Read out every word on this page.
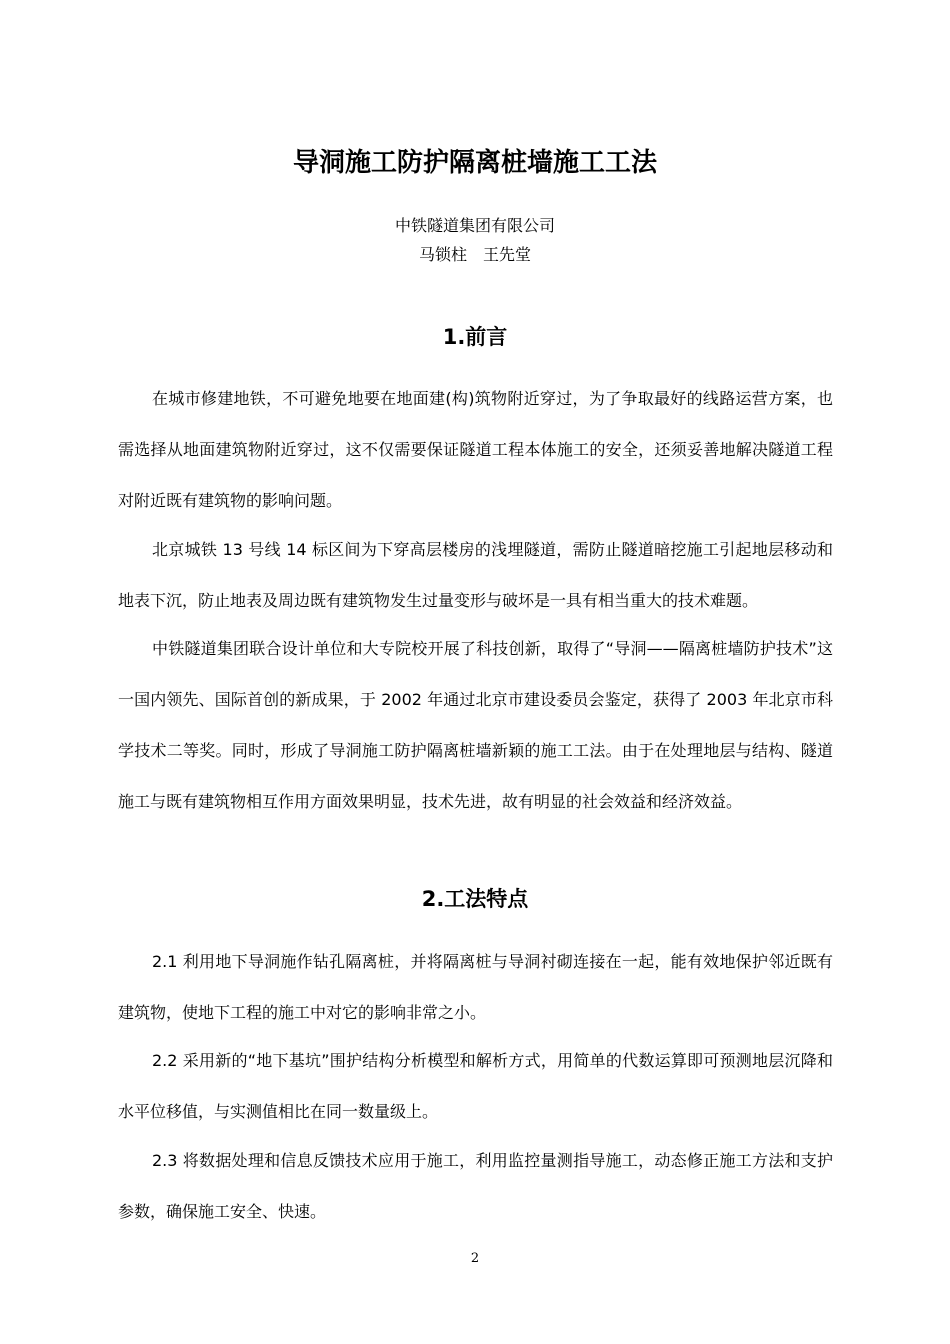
导洞施工防护隔离桩墙施工工法

中铁隧道集团有限公司

马锁柱　王先堂

1.前言

在城市修建地铁，不可避免地要在地面建(构)筑物附近穿过，为了争取最好的线路运营方案，也需选择从地面建筑物附近穿过，这不仅需要保证隧道工程本体施工的安全，还须妥善地解决隧道工程对附近既有建筑物的影响问题。

北京城铁 13 号线 14 标区间为下穿高层楼房的浅埋隧道，需防止隧道暗挖施工引起地层移动和地表下沉，防止地表及周边既有建筑物发生过量变形与破坏是一具有相当重大的技术难题。

中铁隧道集团联合设计单位和大专院校开展了科技创新，取得了“导洞——隔离桩墙防护技术”这一国内领先、国际首创的新成果，于 2002 年通过北京市建设委员会鉴定，获得了 2003 年北京市科学技术二等奖。同时，形成了导洞施工防护隔离桩墙新颖的施工工法。由于在处理地层与结构、隧道施工与既有建筑物相互作用方面效果明显，技术先进，故有明显的社会效益和经济效益。

2.工法特点

2.1 利用地下导洞施作钻孔隔离桩，并将隔离桩与导洞衬砌连接在一起，能有效地保护邻近既有建筑物，使地下工程的施工中对它的影响非常之小。

2.2 采用新的“地下基坑”围护结构分析模型和解析方式，用简单的代数运算即可预测地层沉降和水平位移值，与实测值相比在同一数量级上。

2.3 将数据处理和信息反馈技术应用于施工，利用监控量测指导施工，动态修正施工方法和支护参数，确保施工安全、快速。

2
